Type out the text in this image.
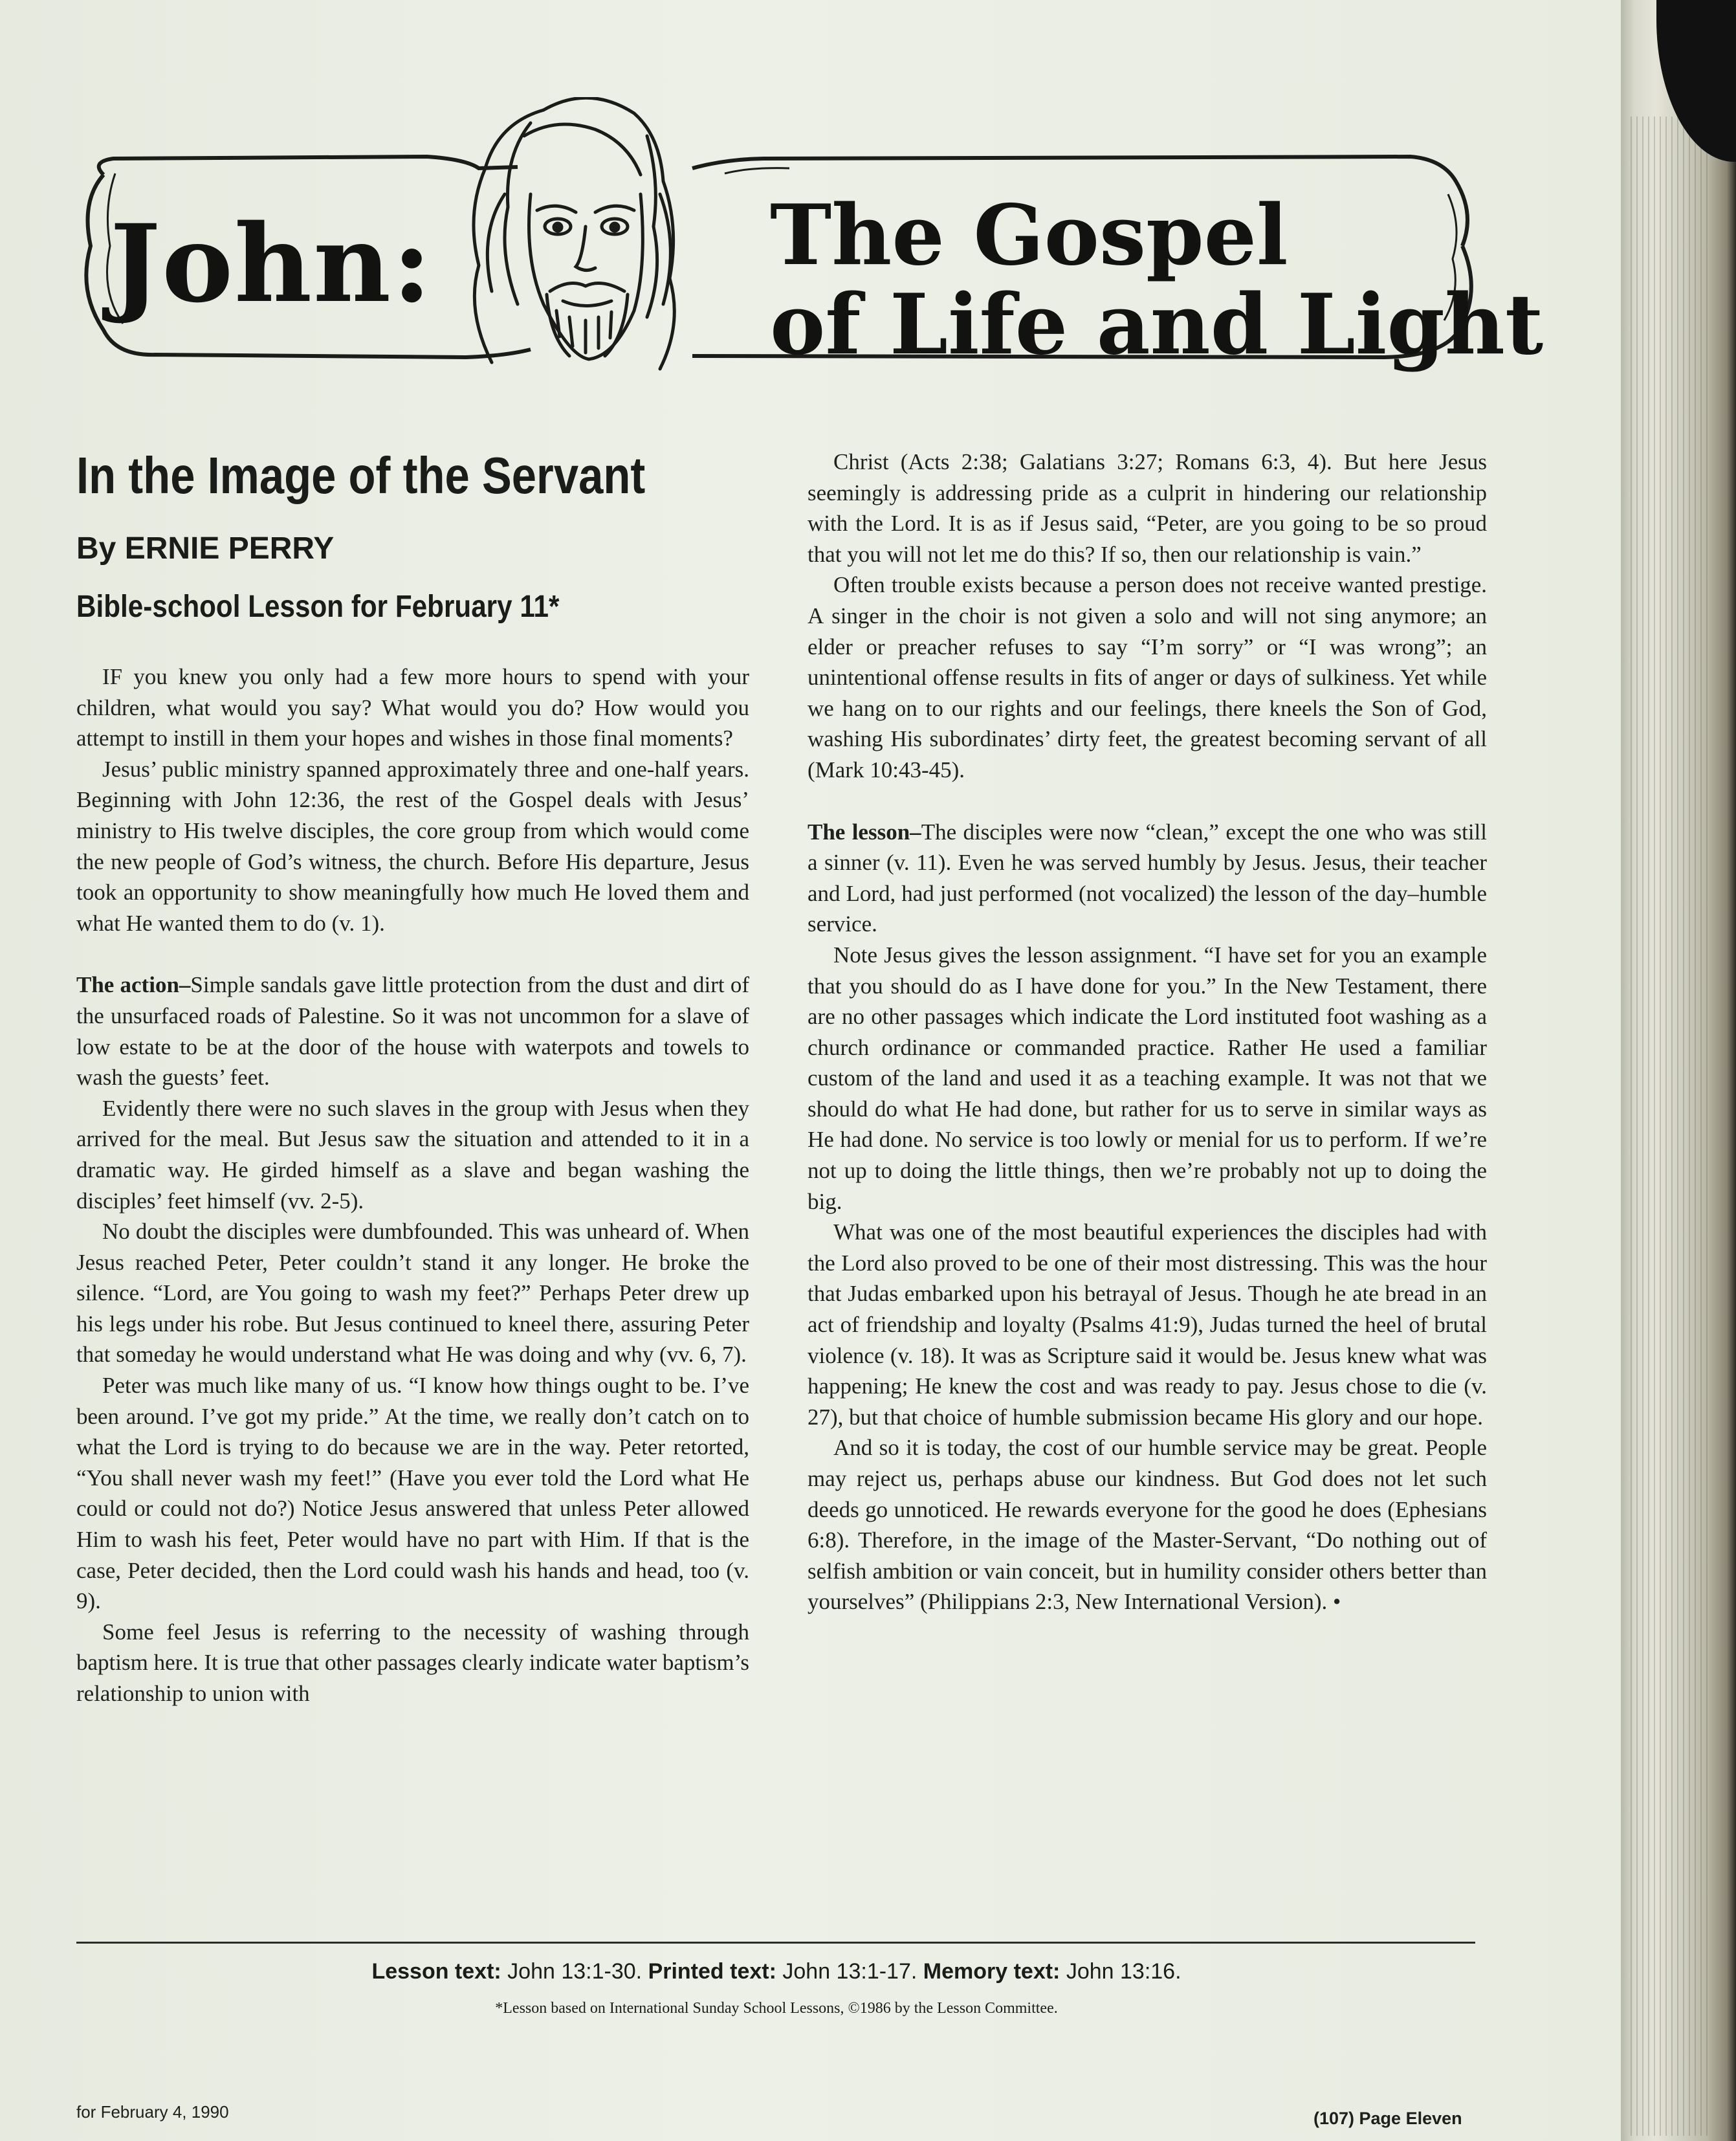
John:	The Gospel
of Life and Light
In the Image of the Servant
By ERNIE PERRY
Bible-school Lesson for February 11*

IF you knew you only had a few more hours to spend with your children, what would you say? What would you do? How would you attempt to instill in them your hopes and wishes in those final moments?

Jesus’ public ministry spanned approximately three and one-half years. Beginning with John 12:36, the rest of the Gospel deals with Jesus’ ministry to His twelve disciples, the core group from which would come the new people of God’s witness, the church. Before His departure, Jesus took an opportunity to show meaningfully how much He loved them and what He wanted them to do (v. 1).

The action–Simple sandals gave little protection from the dust and dirt of the unsurfaced roads of Palestine. So it was not uncommon for a slave of low estate to be at the door of the house with waterpots and towels to wash the guests’ feet.

Evidently there were no such slaves in the group with Jesus when they arrived for the meal. But Jesus saw the situation and attended to it in a dramatic way. He girded himself as a slave and began washing the disciples’ feet himself (vv. 2-5).

No doubt the disciples were dumbfounded. This was unheard of. When Jesus reached Peter, Peter couldn’t stand it any longer. He broke the silence. “Lord, are You going to wash my feet?” Perhaps Peter drew up his legs under his robe. But Jesus continued to kneel there, assuring Peter that someday he would understand what He was doing and why (vv. 6, 7).

Peter was much like many of us. “I know how things ought to be. I’ve been around. I’ve got my pride.” At the time, we really don’t catch on to what the Lord is trying to do because we are in the way. Peter retorted, “You shall never wash my feet!” (Have you ever told the Lord what He could or could not do?) Notice Jesus answered that unless Peter allowed Him to wash his feet, Peter would have no part with Him. If that is the case, Peter decided, then the Lord could wash his hands and head, too (v. 9).

Some feel Jesus is referring to the necessity of washing through baptism here. It is true that other passages clearly indicate water baptism’s relationship to union with

Christ (Acts 2:38; Galatians 3:27; Romans 6:3, 4). But here Jesus seemingly is addressing pride as a culprit in hindering our relationship with the Lord. It is as if Jesus said, “Peter, are you going to be so proud that you will not let me do this? If so, then our relationship is vain.”

Often trouble exists because a person does not receive wanted prestige. A singer in the choir is not given a solo and will not sing anymore; an elder or preacher refuses to say “I’m sorry” or “I was wrong”; an unintentional offense results in fits of anger or days of sulkiness. Yet while we hang on to our rights and our feelings, there kneels the Son of God, washing His subordinates’ dirty feet, the greatest becoming servant of all (Mark 10:43-45).

The lesson–The disciples were now “clean,” except the one who was still a sinner (v. 11). Even he was served humbly by Jesus. Jesus, their teacher and Lord, had just performed (not vocalized) the lesson of the day–humble service.

Note Jesus gives the lesson assignment. “I have set for you an example that you should do as I have done for you.” In the New Testament, there are no other passages which indicate the Lord instituted foot washing as a church ordinance or commanded practice. Rather He used a familiar custom of the land and used it as a teaching example. It was not that we should do what He had done, but rather for us to serve in similar ways as He had done. No service is too lowly or menial for us to perform. If we’re not up to doing the little things, then we’re probably not up to doing the big.

What was one of the most beautiful experiences the disciples had with the Lord also proved to be one of their most distressing. This was the hour that Judas embarked upon his betrayal of Jesus. Though he ate bread in an act of friendship and loyalty (Psalms 41:9), Judas turned the heel of brutal violence (v. 18). It was as Scripture said it would be. Jesus knew what was happening; He knew the cost and was ready to pay. Jesus chose to die (v. 27), but that choice of humble submission became His glory and our hope.

And so it is today, the cost of our humble service may be great. People may reject us, perhaps abuse our kindness. But God does not let such deeds go unnoticed. He rewards everyone for the good he does (Ephesians 6:8). Therefore, in the image of the Master-Servant, “Do nothing out of selfish ambition or vain conceit, but in humility consider others better than yourselves” (Philippians 2:3, New International Version). •

Lesson text: John 13:1-30. Printed text: John 13:1-17. Memory text: John 13:16.
*Lesson based on International Sunday School Lessons, ©1986 by the Lesson Committee.
for February 4, 1990	(107) Page Eleven
